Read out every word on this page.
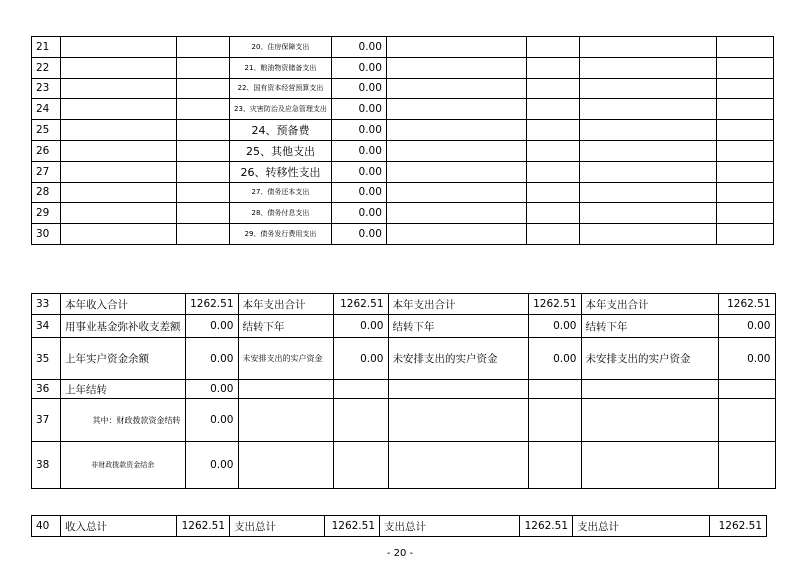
21			20、住房保障支出	0.00				
22			21、粮油物资储备支出	0.00				
23			22、国有资本经营预算支出	0.00				
24			23、灾害防治及应急管理支出	0.00				
25			24、预备费	0.00				
26			25、其他支出	0.00				
27			26、转移性支出	0.00				
28			27、债务还本支出	0.00				
29			28、债务付息支出	0.00				
30			29、债务发行费用支出	0.00				
33	本年收入合计	1262.51	本年支出合计	1262.51	本年支出合计	1262.51	本年支出合计	1262.51
34	用事业基金弥补收支差额	0.00	结转下年	0.00	结转下年	0.00	结转下年	0.00
35	上年实户资金余额	0.00	未安排支出的实户资金	0.00	未安排支出的实户资金	0.00	未安排支出的实户资金	0.00
36	上年结转	0.00						
37	其中：财政拨款资金结转	0.00						
38	非财政拨款资金结余	0.00						
40	收入总计	1262.51	支出总计	1262.51	支出总计	1262.51	支出总计	1262.51
- 20 -
